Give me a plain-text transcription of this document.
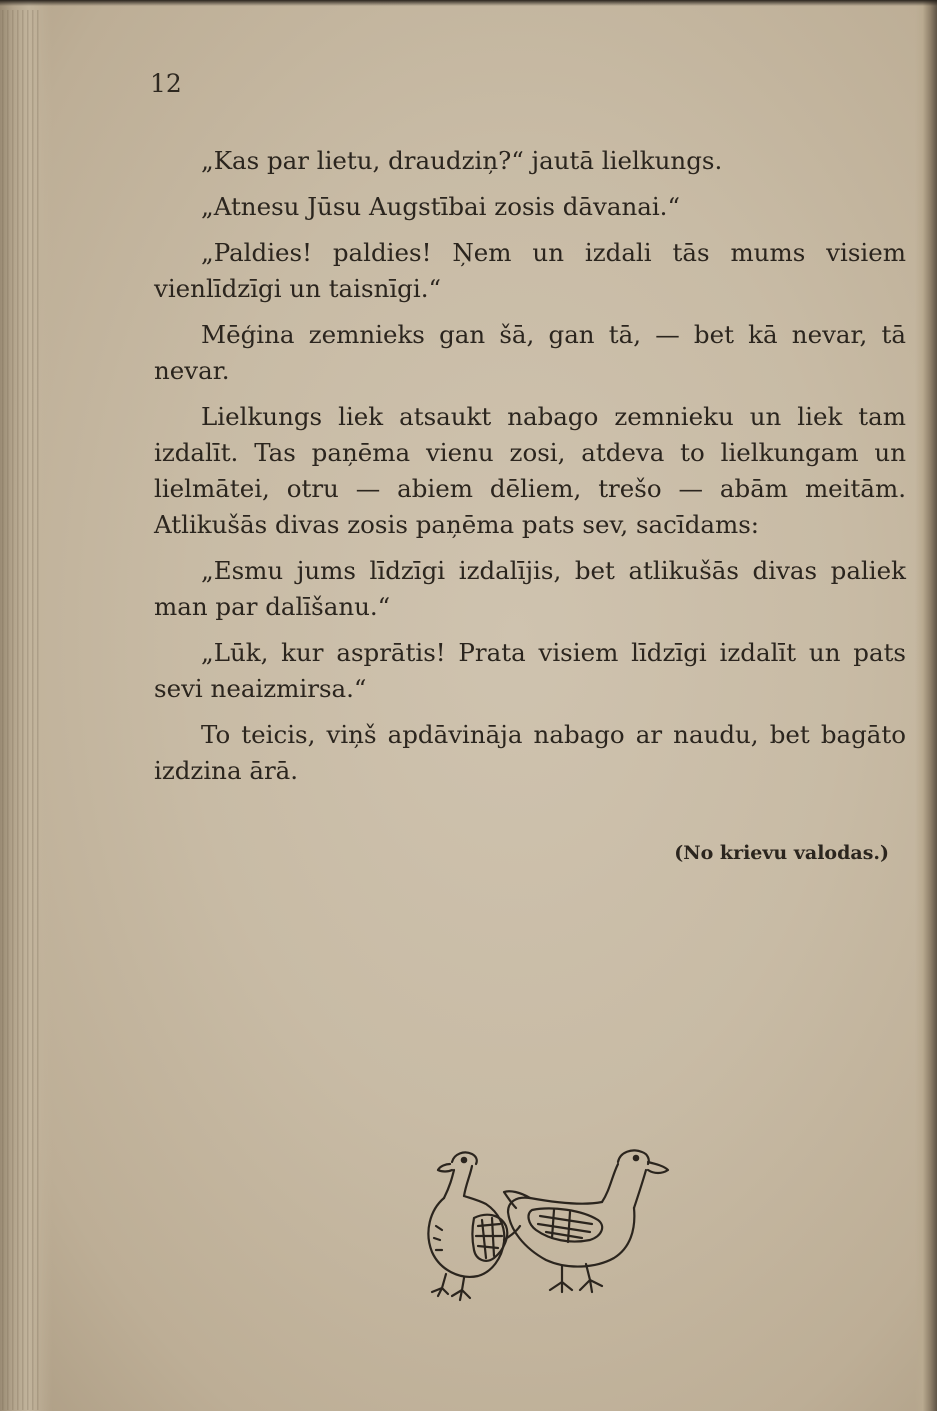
12

„Kas par lietu, draudziņ?“ jautā lielkungs.

„Atnesu Jūsu Augstībai zosis dāvanai.“

„Paldies! paldies! Ņem un izdali tās mums visiem vienlīdzīgi un taisnīgi.“

Mēģina zemnieks gan šā, gan tā, — bet kā nevar, tā nevar.

Lielkungs liek atsaukt nabago zemnieku un liek tam izdalīt. Tas paņēma vienu zosi, atdeva to lielkungam un lielmātei, otru — abiem dēliem, trešo — abām meitām. Atlikušās divas zosis paņēma pats sev, sacīdams:

„Esmu jums līdzīgi izdalījis, bet atlikušās divas paliek man par dalīšanu.“

„Lūk, kur asprātis! Prata visiem līdzīgi izdalīt un pats sevi neaizmirsa.“

To teicis, viņš apdāvināja nabago ar naudu, bet bagāto izdzina ārā.

(No krievu valodas.)
